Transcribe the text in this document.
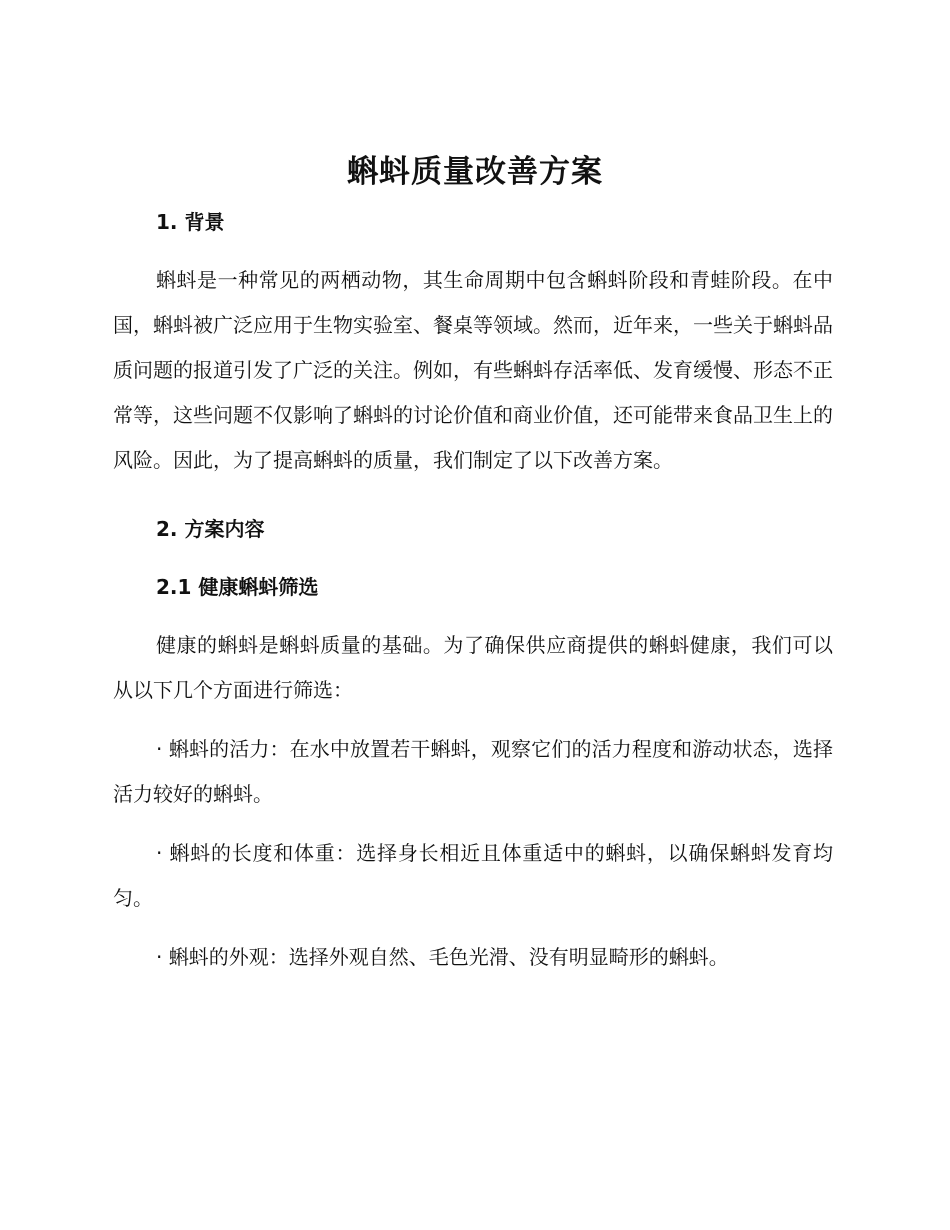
蝌蚪质量改善方案

1. 背景

蝌蚪是一种常见的两栖动物，其生命周期中包含蝌蚪阶段和青蛙阶段。在中国，蝌蚪被广泛应用于生物实验室、餐桌等领域。然而，近年来，一些关于蝌蚪品质问题的报道引发了广泛的关注。例如，有些蝌蚪存活率低、发育缓慢、形态不正常等，这些问题不仅影响了蝌蚪的讨论价值和商业价值，还可能带来食品卫生上的风险。因此，为了提高蝌蚪的质量，我们制定了以下改善方案。

2. 方案内容

2.1 健康蝌蚪筛选

健康的蝌蚪是蝌蚪质量的基础。为了确保供应商提供的蝌蚪健康，我们可以从以下几个方面进行筛选：

· 蝌蚪的活力：在水中放置若干蝌蚪，观察它们的活力程度和游动状态，选择活力较好的蝌蚪。

· 蝌蚪的长度和体重：选择身长相近且体重适中的蝌蚪，以确保蝌蚪发育均匀。

· 蝌蚪的外观：选择外观自然、毛色光滑、没有明显畸形的蝌蚪。
